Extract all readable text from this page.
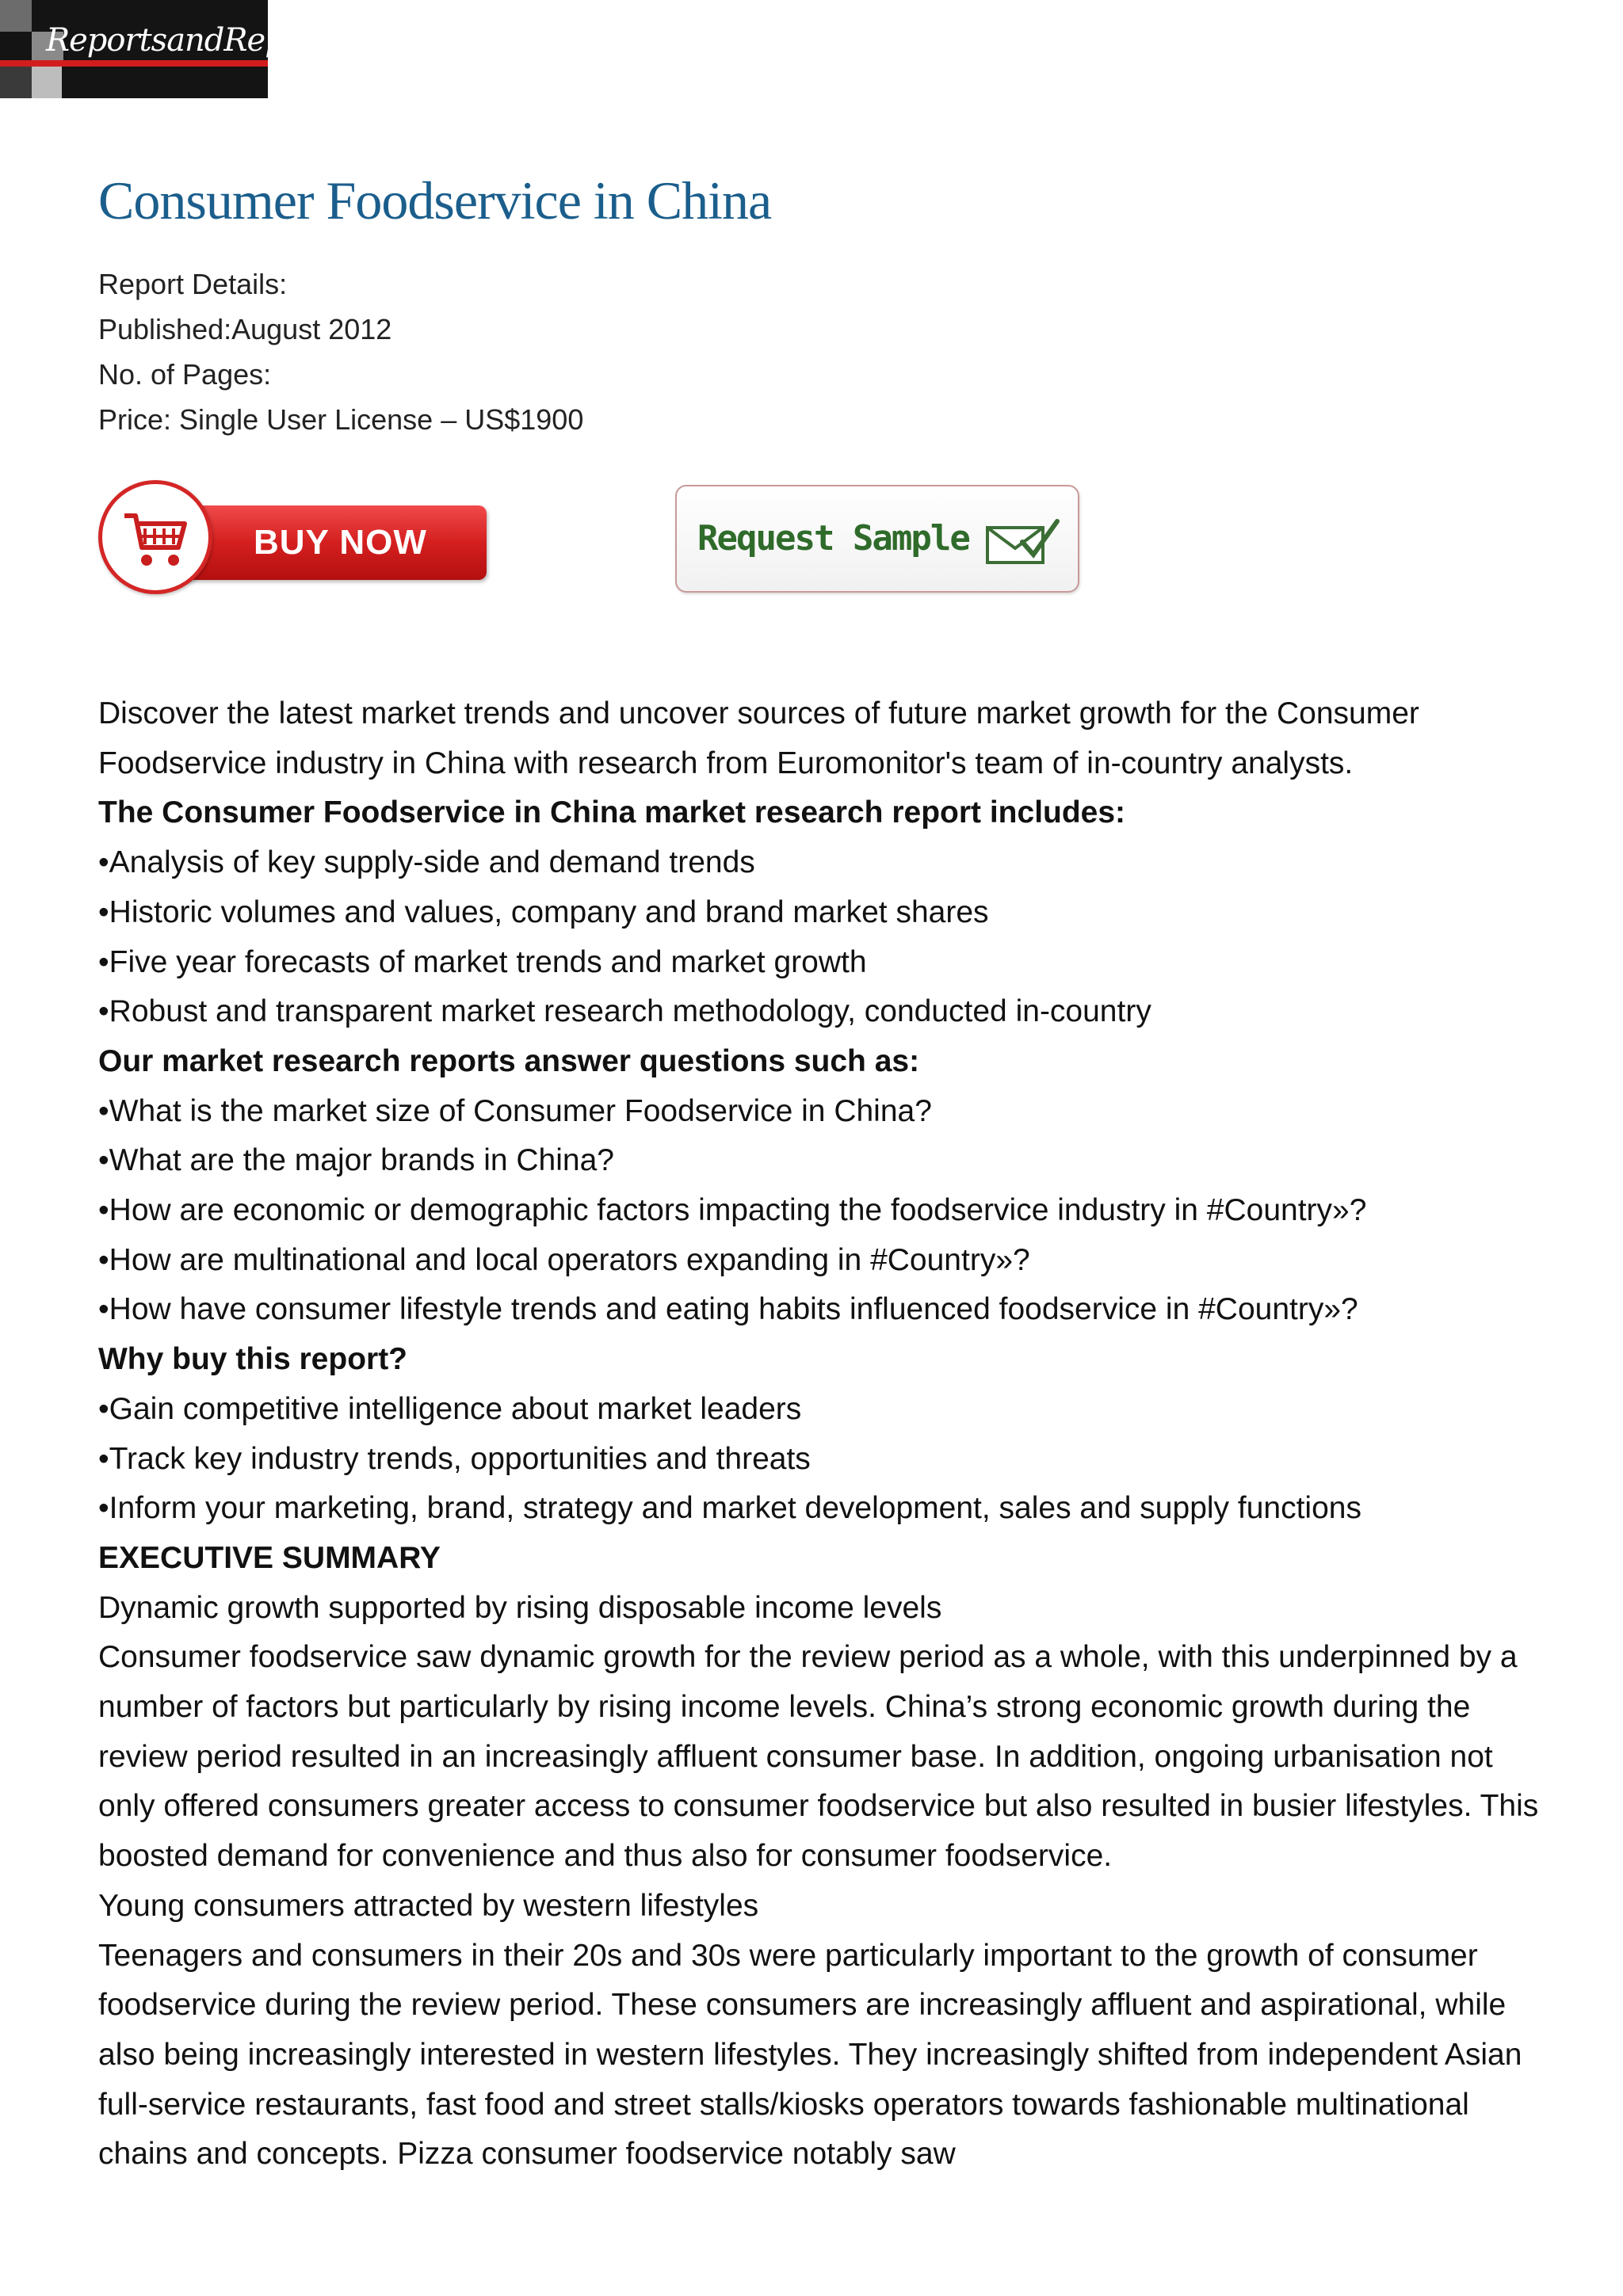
ReportsandReports
Consumer Foodservice in China
Report Details:
Published:August 2012
No. of Pages:
Price: Single User License – US$1900
BUY NOW	Request Sample

Discover the latest market trends and uncover sources of future market growth for the Consumer Foodservice industry in China with research from Euromonitor's team of in-country analysts.

The Consumer Foodservice in China market research report includes:

•Analysis of key supply-side and demand trends

•Historic volumes and values, company and brand market shares

•Five year forecasts of market trends and market growth

•Robust and transparent market research methodology, conducted in-country

Our market research reports answer questions such as:

•What is the market size of Consumer Foodservice in China?

•What are the major brands in China?

•How are economic or demographic factors impacting the foodservice industry in #Country»?

•How are multinational and local operators expanding in #Country»?

•How have consumer lifestyle trends and eating habits influenced foodservice in #Country»?

Why buy this report?

•Gain competitive intelligence about market leaders

•Track key industry trends, opportunities and threats

•Inform your marketing, brand, strategy and market development, sales and supply functions

EXECUTIVE SUMMARY

Dynamic growth supported by rising disposable income levels

Consumer foodservice saw dynamic growth for the review period as a whole, with this underpinned by a number of factors but particularly by rising income levels. China’s strong economic growth during the review period resulted in an increasingly affluent consumer base. In addition, ongoing urbanisation not only offered consumers greater access to consumer foodservice but also resulted in busier lifestyles. This boosted demand for convenience and thus also for consumer foodservice.

Young consumers attracted by western lifestyles

Teenagers and consumers in their 20s and 30s were particularly important to the growth of consumer foodservice during the review period. These consumers are increasingly affluent and aspirational, while also being increasingly interested in western lifestyles. They increasingly shifted from independent Asian full-service restaurants, fast food and street stalls/kiosks operators towards fashionable multinational chains and concepts. Pizza consumer foodservice notably saw
